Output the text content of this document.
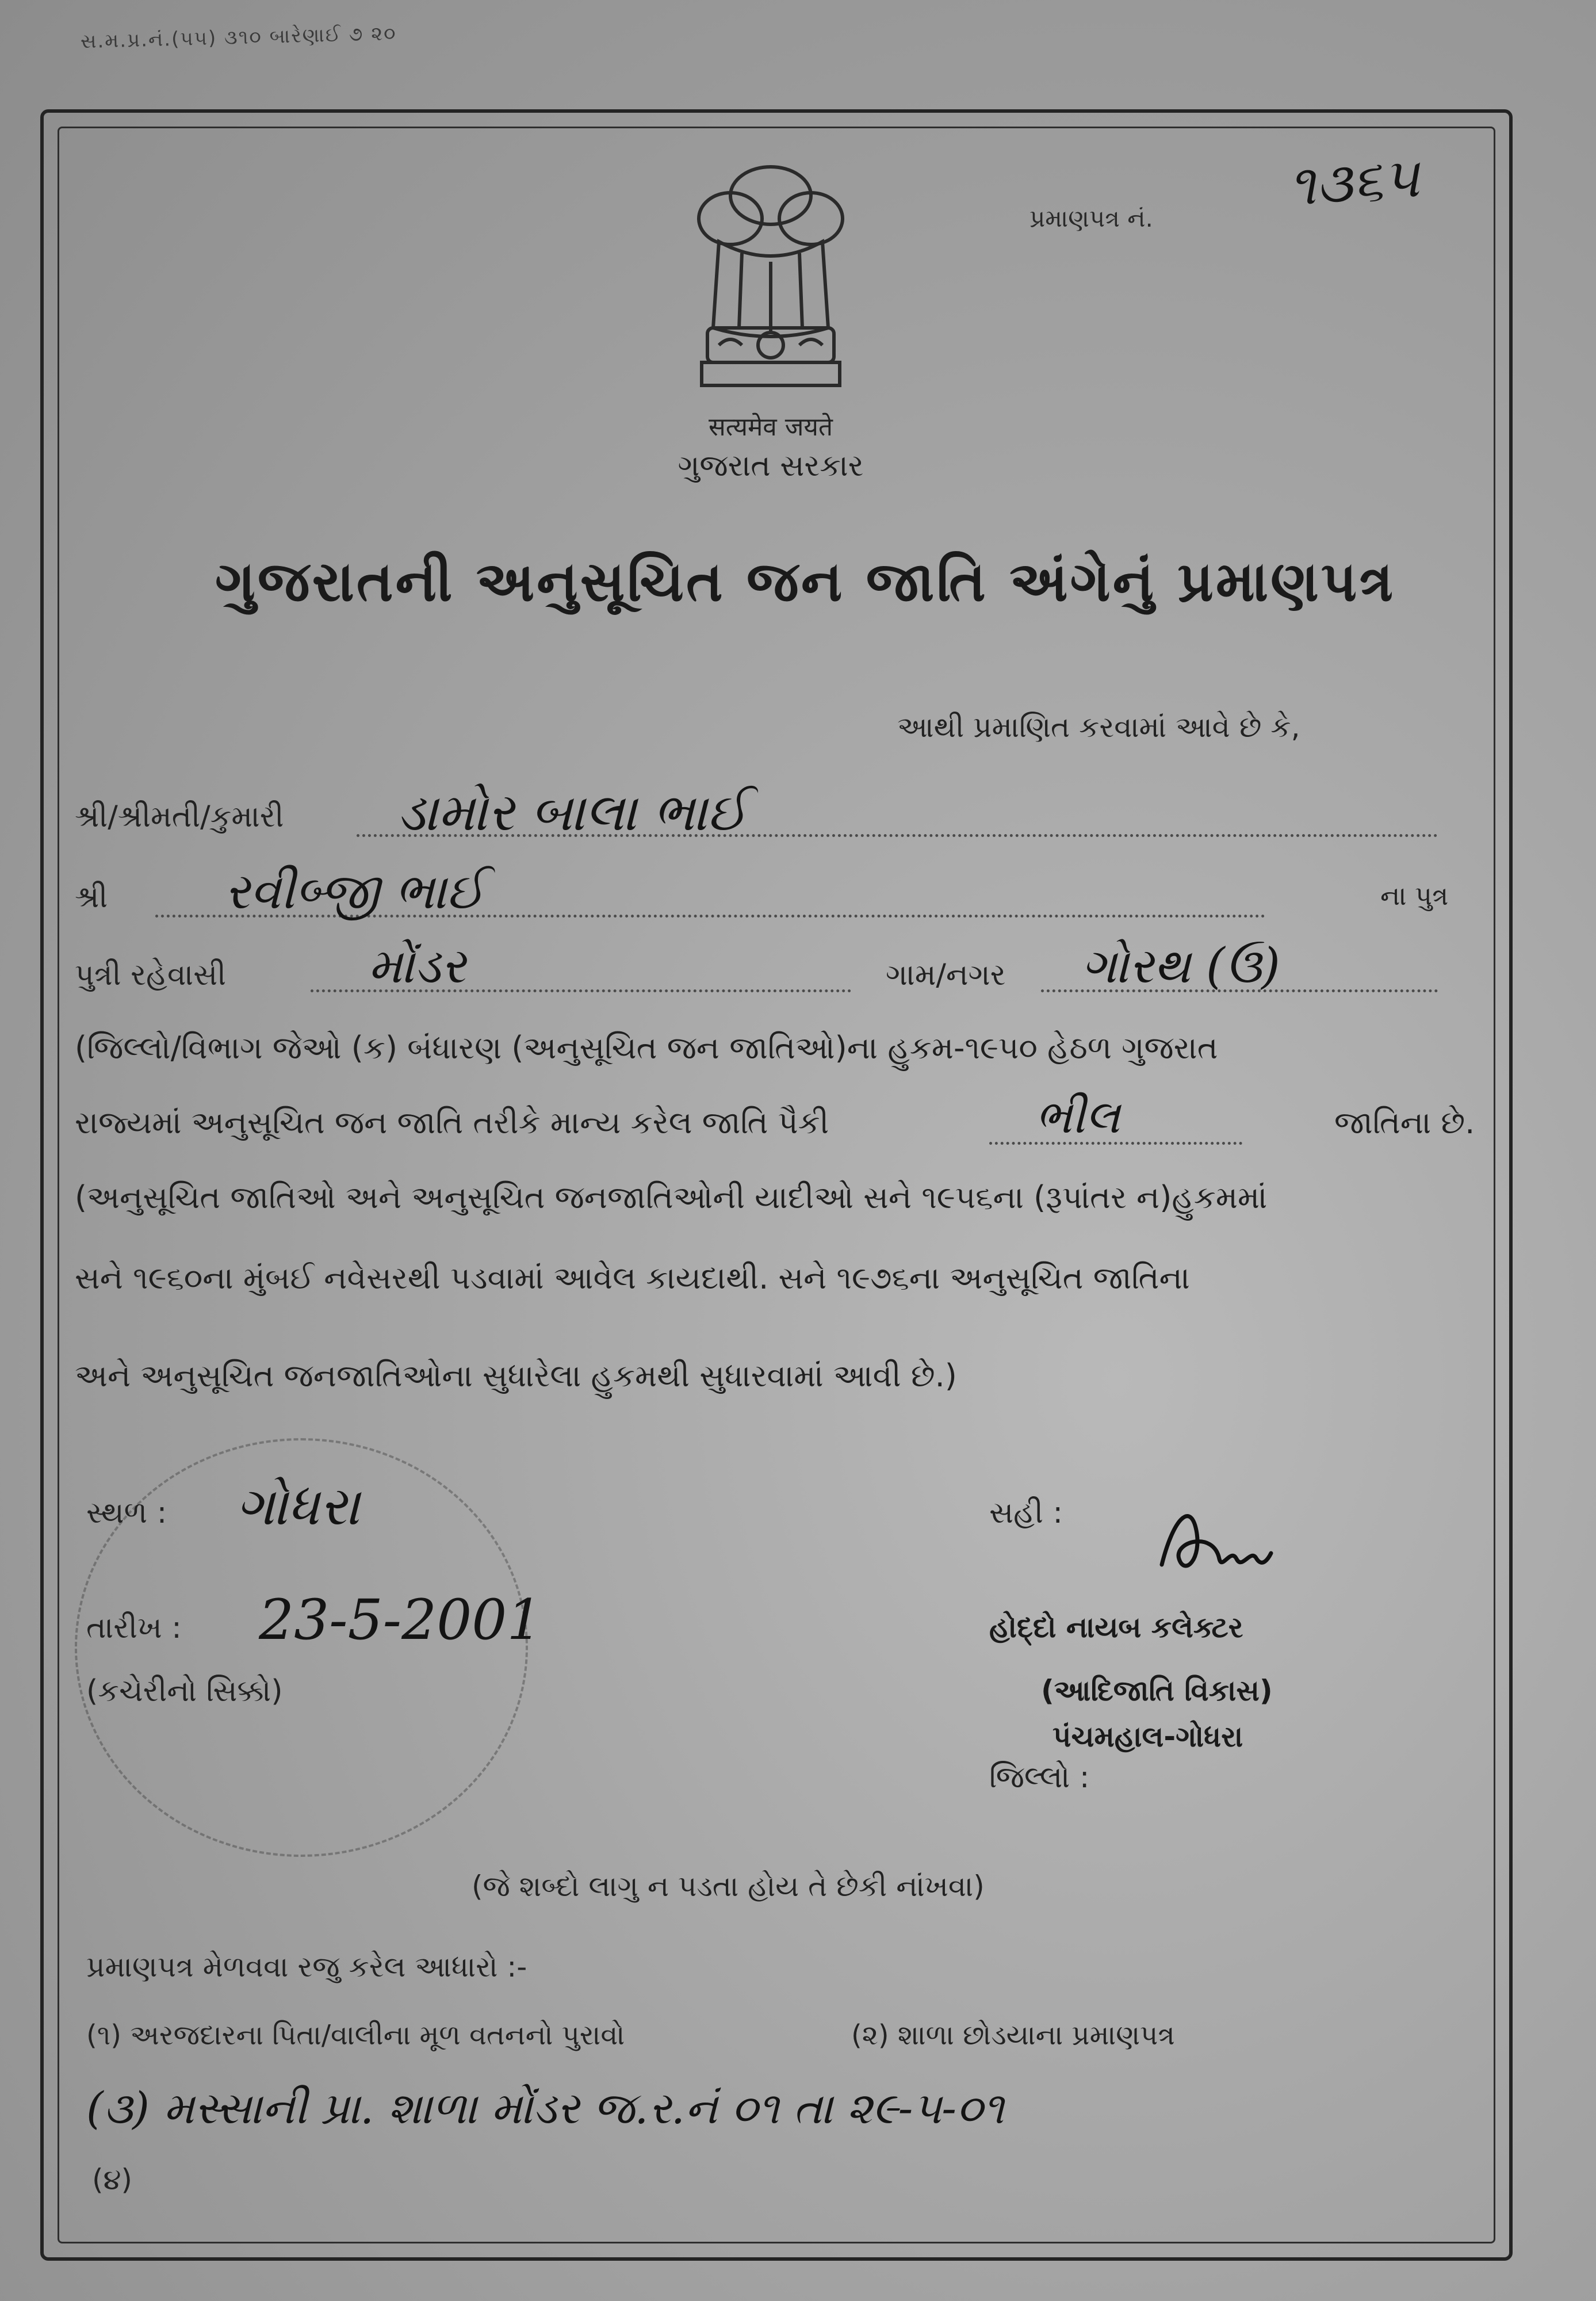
સ.મ.પ્ર.નં.(૫૫) ૩૧૦ બારેણાઈ ૭ ૨૦
सत्यमेव जयते
ગુજરાત સરકાર
પ્રમાણપત્ર નં. ૧૩૬૫
ગુજરાતની અનુસૂચિત જન જાતિ અંગેનું પ્રમાણપત્ર
આથી પ્રમાણિત કરવામાં આવે છે કે,
શ્રી/શ્રીમતી/કુમારી ડામોર બાલા ભાઈ
શ્રી રવીબ્જી ભાઈ	ના પુત્ર
પુત્રી રહેવાસી	મોંડર	ગામ/નગર ગોરથ (ઉ)
(જિલ્લો/વિભાગ જેઓ (ક) બંધારણ (અનુસૂચિત જન જાતિઓ)ના હુકમ-૧૯૫૦ હેઠળ ગુજરાત
રાજ્યમાં અનુસૂચિત જન જાતિ તરીકે માન્ય કરેલ જાતિ પૈકી	ભીલ	જાતિના છે.
(અનુસૂચિત જાતિઓ અને અનુસૂચિત જનજાતિઓની યાદીઓ સને ૧૯૫૬ના (રૂપાંતર ન)હુકમમાં
સને ૧૯૬૦ના મુંબઈ નવેસરથી પડવામાં આવેલ કાયદાથી. સને ૧૯૭૬ના અનુસૂચિત જાતિના
અને અનુસૂચિત જનજાતિઓના સુધારેલા હુકમથી સુધારવામાં આવી છે.)
સ્થળ : ગોધરા
તારીખ : 23-5-2001
(કચેરીનો સિક્કો)
સહી :
હોદ્દો નાયબ કલેક્ટર
(આદિજાતિ વિકાસ)
પંચમહાલ-ગોધરા
જિલ્લો :
(જે શબ્દો લાગુ ન પડતા હોય તે છેકી નાંખવા)
પ્રમાણપત્ર મેળવવા રજુ કરેલ આધારો :-
(૧) અરજદારના પિતા/વાલીના મૂળ વતનનો પુરાવો	(૨) શાળા છોડયાના પ્રમાણપત્ર
(૩) મસ્સાની પ્રા. શાળા મોંડર જ.ર.નં ૦૧ તા ૨૯-૫-૦૧
(૪)
